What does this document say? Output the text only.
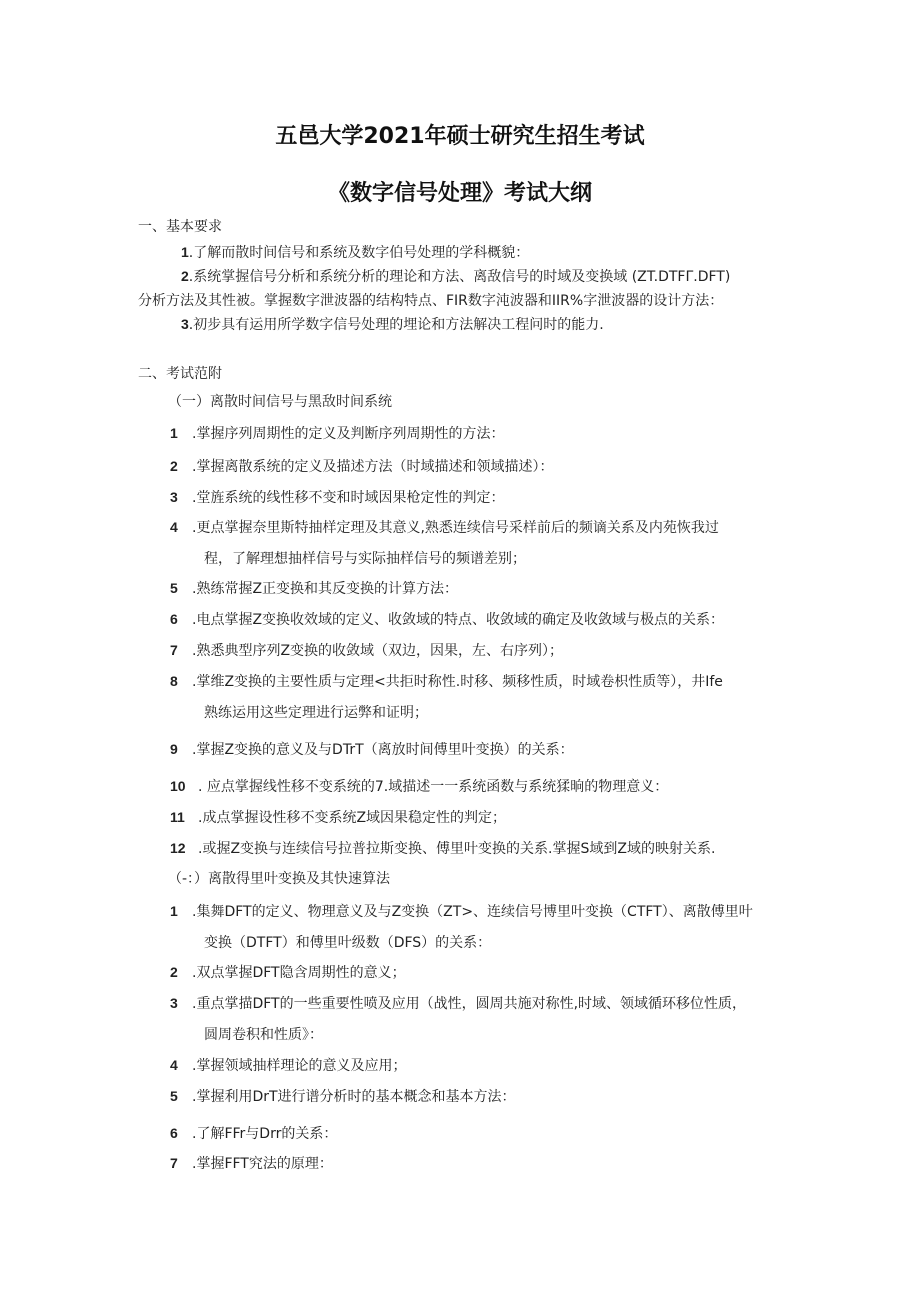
五邑大学2021年硕士研究生招生考试
《数字信号处理》考试大纲
一、基本要求
1.了解而散时间信号和系统及数字伯号处理的学科概貌：
2.系统掌握信号分析和系统分析的理论和方法、离敌信号的时域及变换域 (ZT.DTFΓ.DFT)
分析方法及其性被。掌握数字泄波器的结构特点、FIR数字沌波器和IIR%字泄波器的设计方法：
3.初步具有运用所学数字信号处理的埋论和方法解决工程问时的能力.
二、考试范附
（一）离散时间信号与黑敌时间系统
1 .掌握序列周期性的定义及判断序列周期性的方法：
2 .掌握离散系统的定义及描述方法（时域描述和领域描述）：
3 .堂旌系统的线性移不变和时域因果枪定性的判定：
4 .更点掌握奈里斯特抽样定理及其意义,熟悉连续信号采样前后的频谪关系及内苑恢我过
程，了解理想抽样信号与实际抽样信号的频谱差别；
5 .熟练常握Z正变换和其反变换的计算方法：
6 .电点掌握Z变换收效域的定义、收敛域的特点、收敛域的确定及收敛域与极点的关系：
7 .熟悉典型序列Z变换的收敛域（双边，因果，左、右序列）；
8 .掌维Z变换的主要性质与定理<共拒时称性.时移、频移性质，时域卷枳性质等），井Ife
熟练运用这些定理进行运弊和证明；
9 .掌握Z变换的意义及与DTrT（离放时间傅里叶变换）的关系：
10 . 应点掌握线性移不变系统的7.域描述一一系统函数与系统猱晌的物理意义：
11 .成点掌握设性移不变系统Z域因果稳定性的判定；
12 .或握Z变换与连续信号拉普拉斯变换、傅里叶变换的关系.掌握S域到Z域的映射关系.
（-：）离散得里叶变换及其快速算法
1 .集舞DFT的定义、物理意义及与Z变换（ZT>、连续信号博里叶变换（CTFT）、离散傅里叶
变换（DTFT）和傅里叶级数（DFS）的关系：
2 .双点掌握DFT隐含周期性的意义；
3 .重点掌描DFT的一些重要性喷及应用（战性，圆周共施对称性,时域、领域循环移位性质，
圆周卷积和性质》：
4 .掌握领域抽样理论的意义及应用；
5 .掌握利用DrT进行谱分析时的基本概念和基本方法：
6 .了解FFr与Drr的关系：
7 .掌握FFT究法的原理：
